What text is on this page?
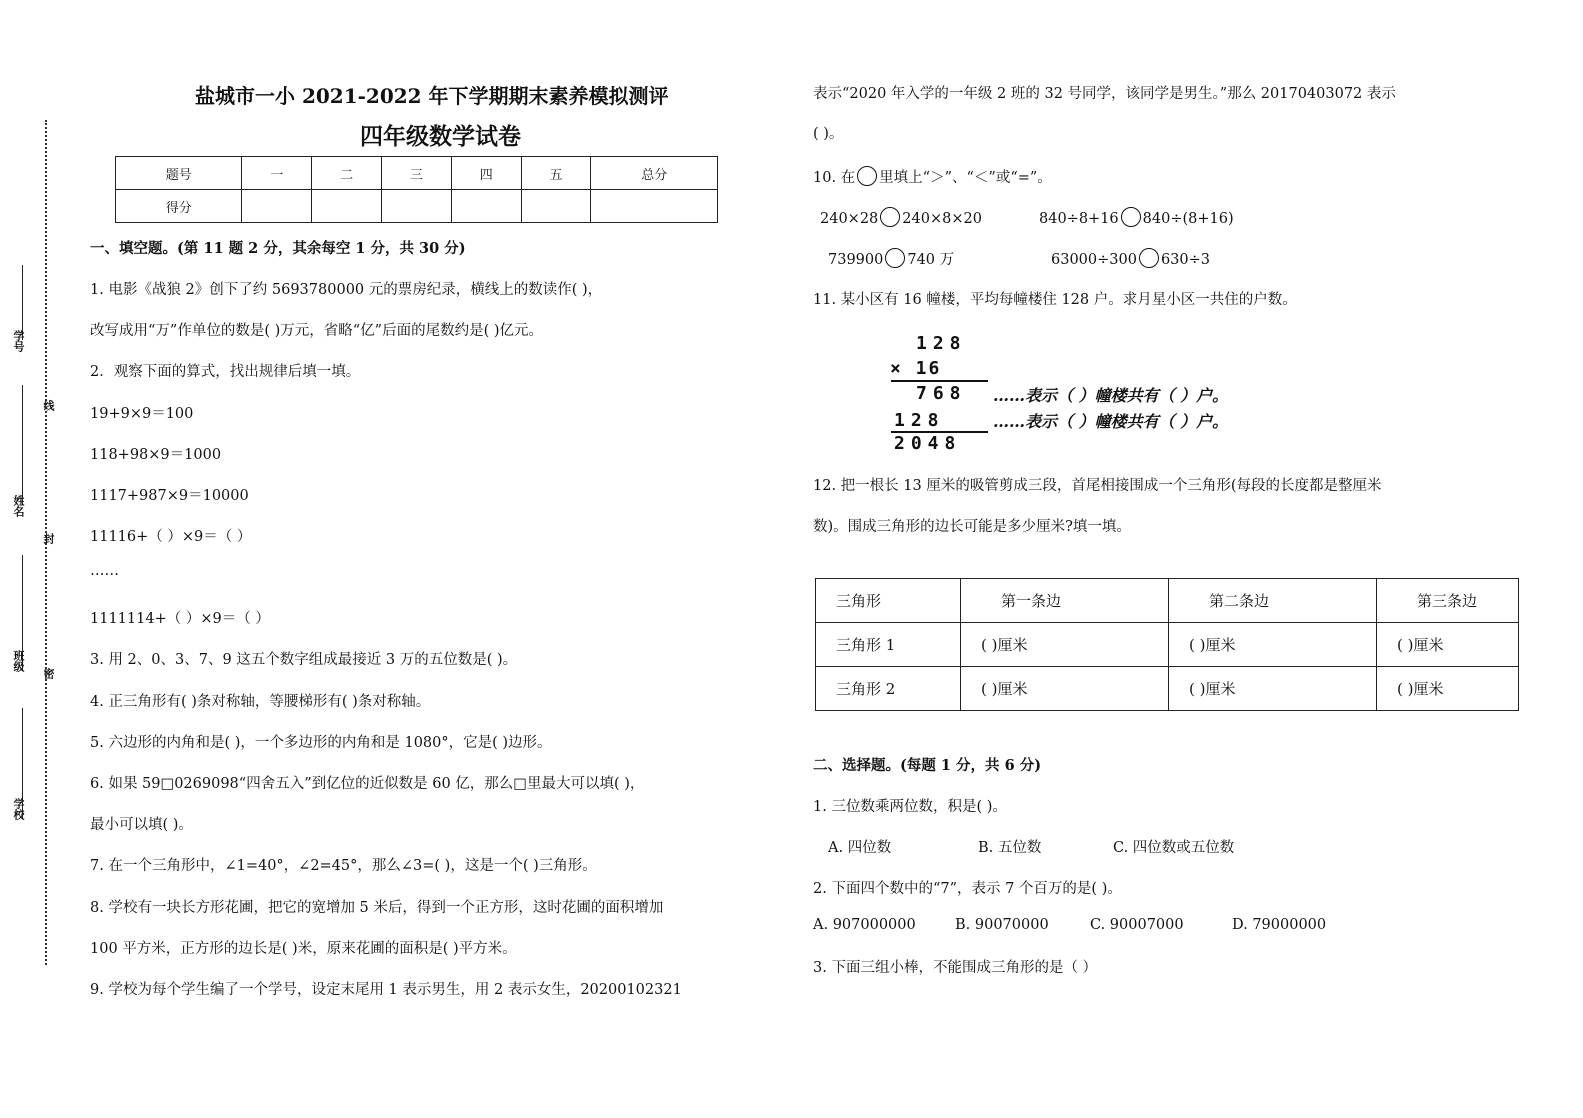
学号
线
姓名
封
班级
密
学校
盐城市一小 2021-2022 年下学期期末素养模拟测评
四年级数学试卷
题号	一	二	三	四	五	总分
得分						
一、填空题。(第 11 题 2 分，其余每空 1 分，共 30 分)
1. 电影《战狼 2》创下了约 5693780000 元的票房纪录，横线上的数读作( )，
改写成用“万”作单位的数是( )万元，省略“亿”后面的尾数约是( )亿元。
2．观察下面的算式，找出规律后填一填。
19+9×9＝100
118+98×9＝1000
1117+987×9＝10000
11116+（ ）×9＝（ ）
……
1111114+（ ）×9＝（ ）
3. 用 2、0、3、7、9 这五个数字组成最接近 3 万的五位数是( )。
4. 正三角形有( )条对称轴，等腰梯形有( )条对称轴。
5. 六边形的内角和是( )，一个多边形的内角和是 1080°，它是( )边形。
6. 如果 59□0269098“四舍五入”到亿位的近似数是 60 亿，那么□里最大可以填( )，
最小可以填( )。
7. 在一个三角形中，∠1=40°，∠2=45°，那么∠3=( )，这是一个( )三角形。
8. 学校有一块长方形花圃，把它的宽增加 5 米后，得到一个正方形，这时花圃的面积增加
100 平方米，正方形的边长是( )米，原来花圃的面积是( )平方米。
9. 学校为每个学生编了一个学号，设定末尾用 1 表示男生，用 2 表示女生，20200102321
表示“2020 年入学的一年级 2 班的 32 号同学，该同学是男生。”那么 20170403072 表示
( )。
10. 在 里填上“＞”、“＜”或“=”。
240×28 240×8×20	840÷8+16 840÷(8+16)
739900 740 万	63000÷300 630÷3
11. 某小区有 16 幢楼，平均每幢楼住 128 户。求月星小区一共住的户数。
128
× 16
768
128
2048
……表示（ ）幢楼共有（ ）户。
……表示（ ）幢楼共有（ ）户。
12. 把一根长 13 厘米的吸管剪成三段，首尾相接围成一个三角形(每段的长度都是整厘米
数)。围成三角形的边长可能是多少厘米?填一填。
三角形	第一条边	第二条边	第三条边
三角形 1	( )厘米	( )厘米	( )厘米
三角形 2	( )厘米	( )厘米	( )厘米
二、选择题。(每题 1 分，共 6 分)
1. 三位数乘两位数，积是( )。
A. 四位数	B. 五位数	C. 四位数或五位数
2. 下面四个数中的“7”，表示 7 个百万的是( )。
A. 907000000	B. 90070000	C. 90007000	D. 79000000
3. 下面三组小棒，不能围成三角形的是（ ）
